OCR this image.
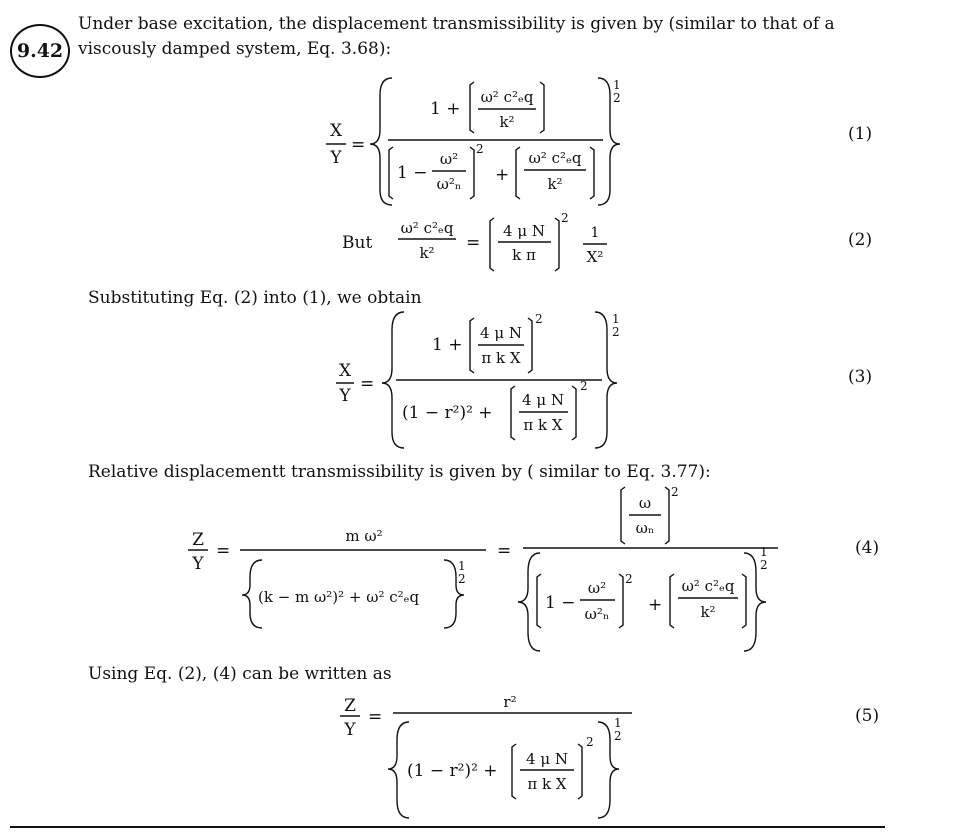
9.42
Under base excitation, the displacement transmissibility is given by (similar to that of a
viscously damped system, Eq. 3.68):
Substituting Eq. (2) into (1), we obtain
Relative displacementt transmissibility is given by ( similar to Eq. 3.77):
Using Eq. (2), (4) can be written as
(1)
(2)
(3)
(4)
(5)
X
Y
=
1 +
ω² c²ₑq
k²
1
2
1 −
ω²
ω²ₙ
2
+
ω² c²ₑq
k²
But
ω² c²ₑq
k² =
4 μ N
k π
2
1
X²
X
Y
=
1 +
4 μ N
π k X
2	1
2
(1 − r²)² +
4 μ N
π k X
2
Z
Y
=
m ω²
(k − m ω²)² + ω² c²ₑq
1
2
=
ω
ωₙ
2
1 −
ω²
ω²ₙ
2
+
ω² c²ₑq
k²
1
2
Z
Y
=
r²
(1 − r²)² +
4 μ N
π k X
2
1
2
